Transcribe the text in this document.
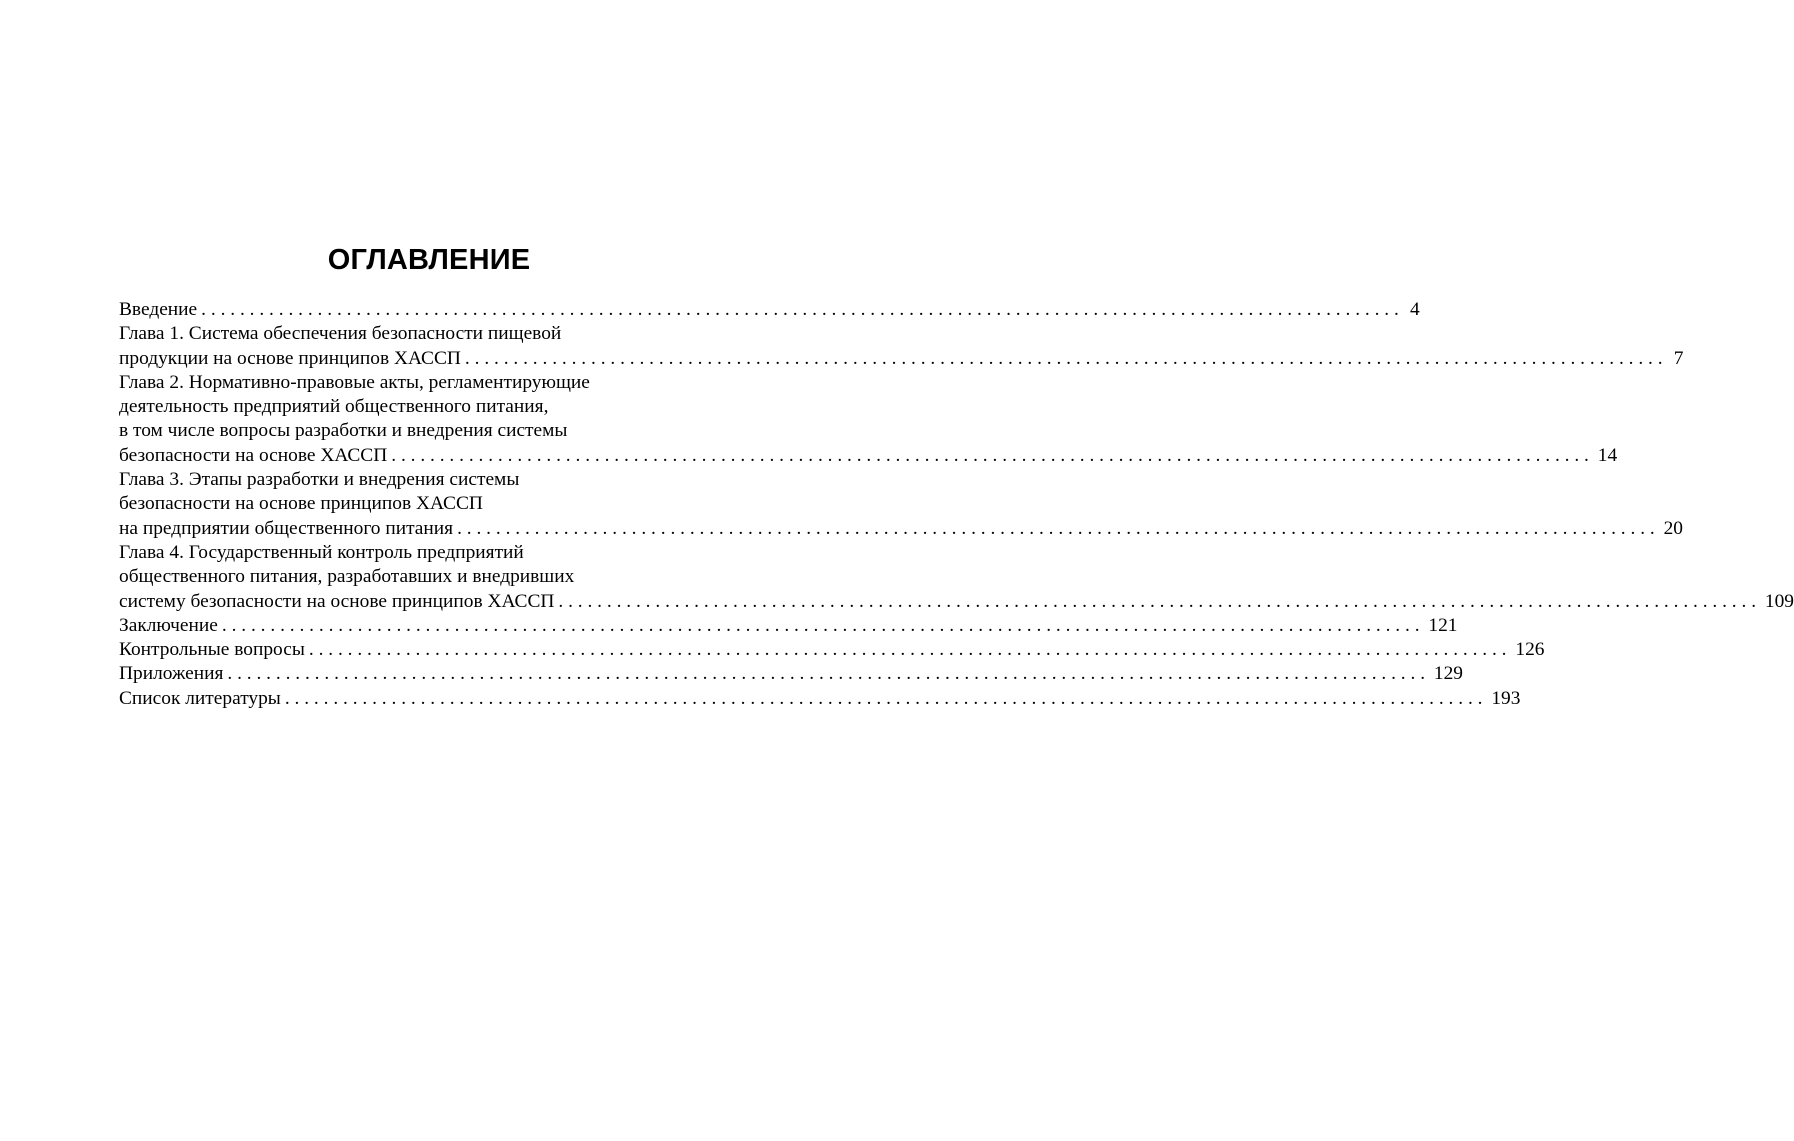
ОГЛАВЛЕНИЕ

Введение ............................................................................................................................ 4

Глава 1. Система обеспечения безопасности пищевой
продукции на основе принципов ХАССП ............................................................................................................................ 7

Глава 2. Нормативно-правовые акты, регламентирующие
деятельность предприятий общественного питания,
в том числе вопросы разработки и внедрения системы
безопасности на основе ХАССП ............................................................................................................................ 14

Глава 3. Этапы разработки и внедрения системы
безопасности на основе принципов ХАССП
на предприятии общественного питания ............................................................................................................................ 20

Глава 4. Государственный контроль предприятий
общественного питания, разработавших и внедривших
систему безопасности на основе принципов ХАССП ............................................................................................................................ 109

Заключение ............................................................................................................................ 121

Контрольные вопросы ............................................................................................................................ 126

Приложения ............................................................................................................................ 129

Список литературы ............................................................................................................................ 193
